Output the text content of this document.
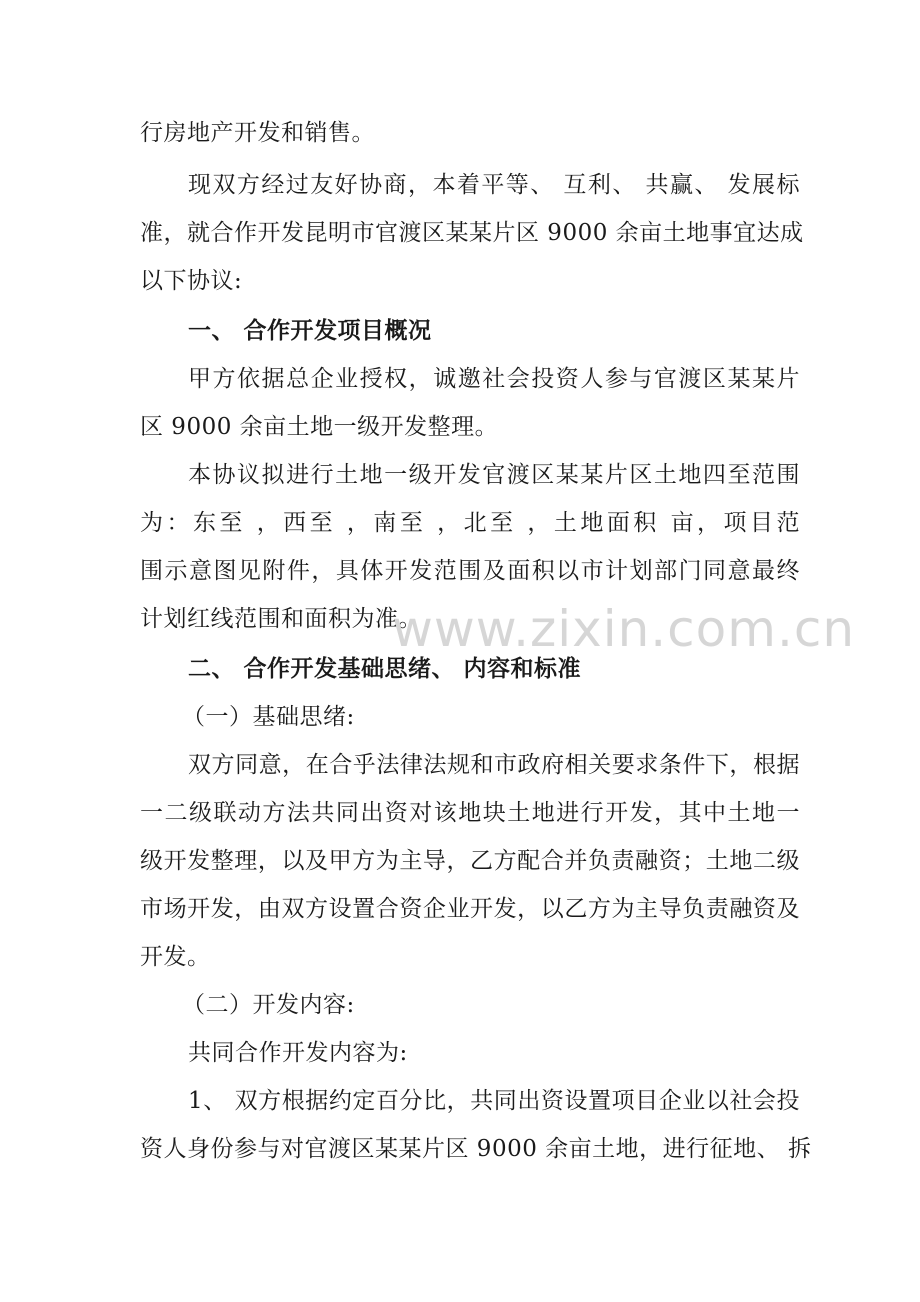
行房地产开发和销售。
现双方经过友好协商，本着平等、 互利、 共赢、 发展标
准，就合作开发昆明市官渡区某某片区 9000 余亩土地事宜达成
以下协议:
一、 合作开发项目概况
甲方依据总企业授权，诚邀社会投资人参与官渡区某某片
区 9000 余亩土地一级开发整理。
本协议拟进行土地一级开发官渡区某某片区土地四至范围
为：东至 ，西至 ，南至 ，北至 ，土地面积 亩，项目范
围示意图见附件，具体开发范围及面积以市计划部门同意最终
计划红线范围和面积为准。
二、 合作开发基础思绪、 内容和标准
（一）基础思绪:
双方同意，在合乎法律法规和市政府相关要求条件下，根据
一二级联动方法共同出资对该地块土地进行开发，其中土地一
级开发整理，以及甲方为主导，乙方配合并负责融资；土地二级
市场开发，由双方设置合资企业开发，以乙方为主导负责融资及
开发。
（二）开发内容:
共同合作开发内容为:
1、 双方根据约定百分比，共同出资设置项目企业以社会投
资人身份参与对官渡区某某片区 9000 余亩土地，进行征地、 拆
www.zixin.com.cn
